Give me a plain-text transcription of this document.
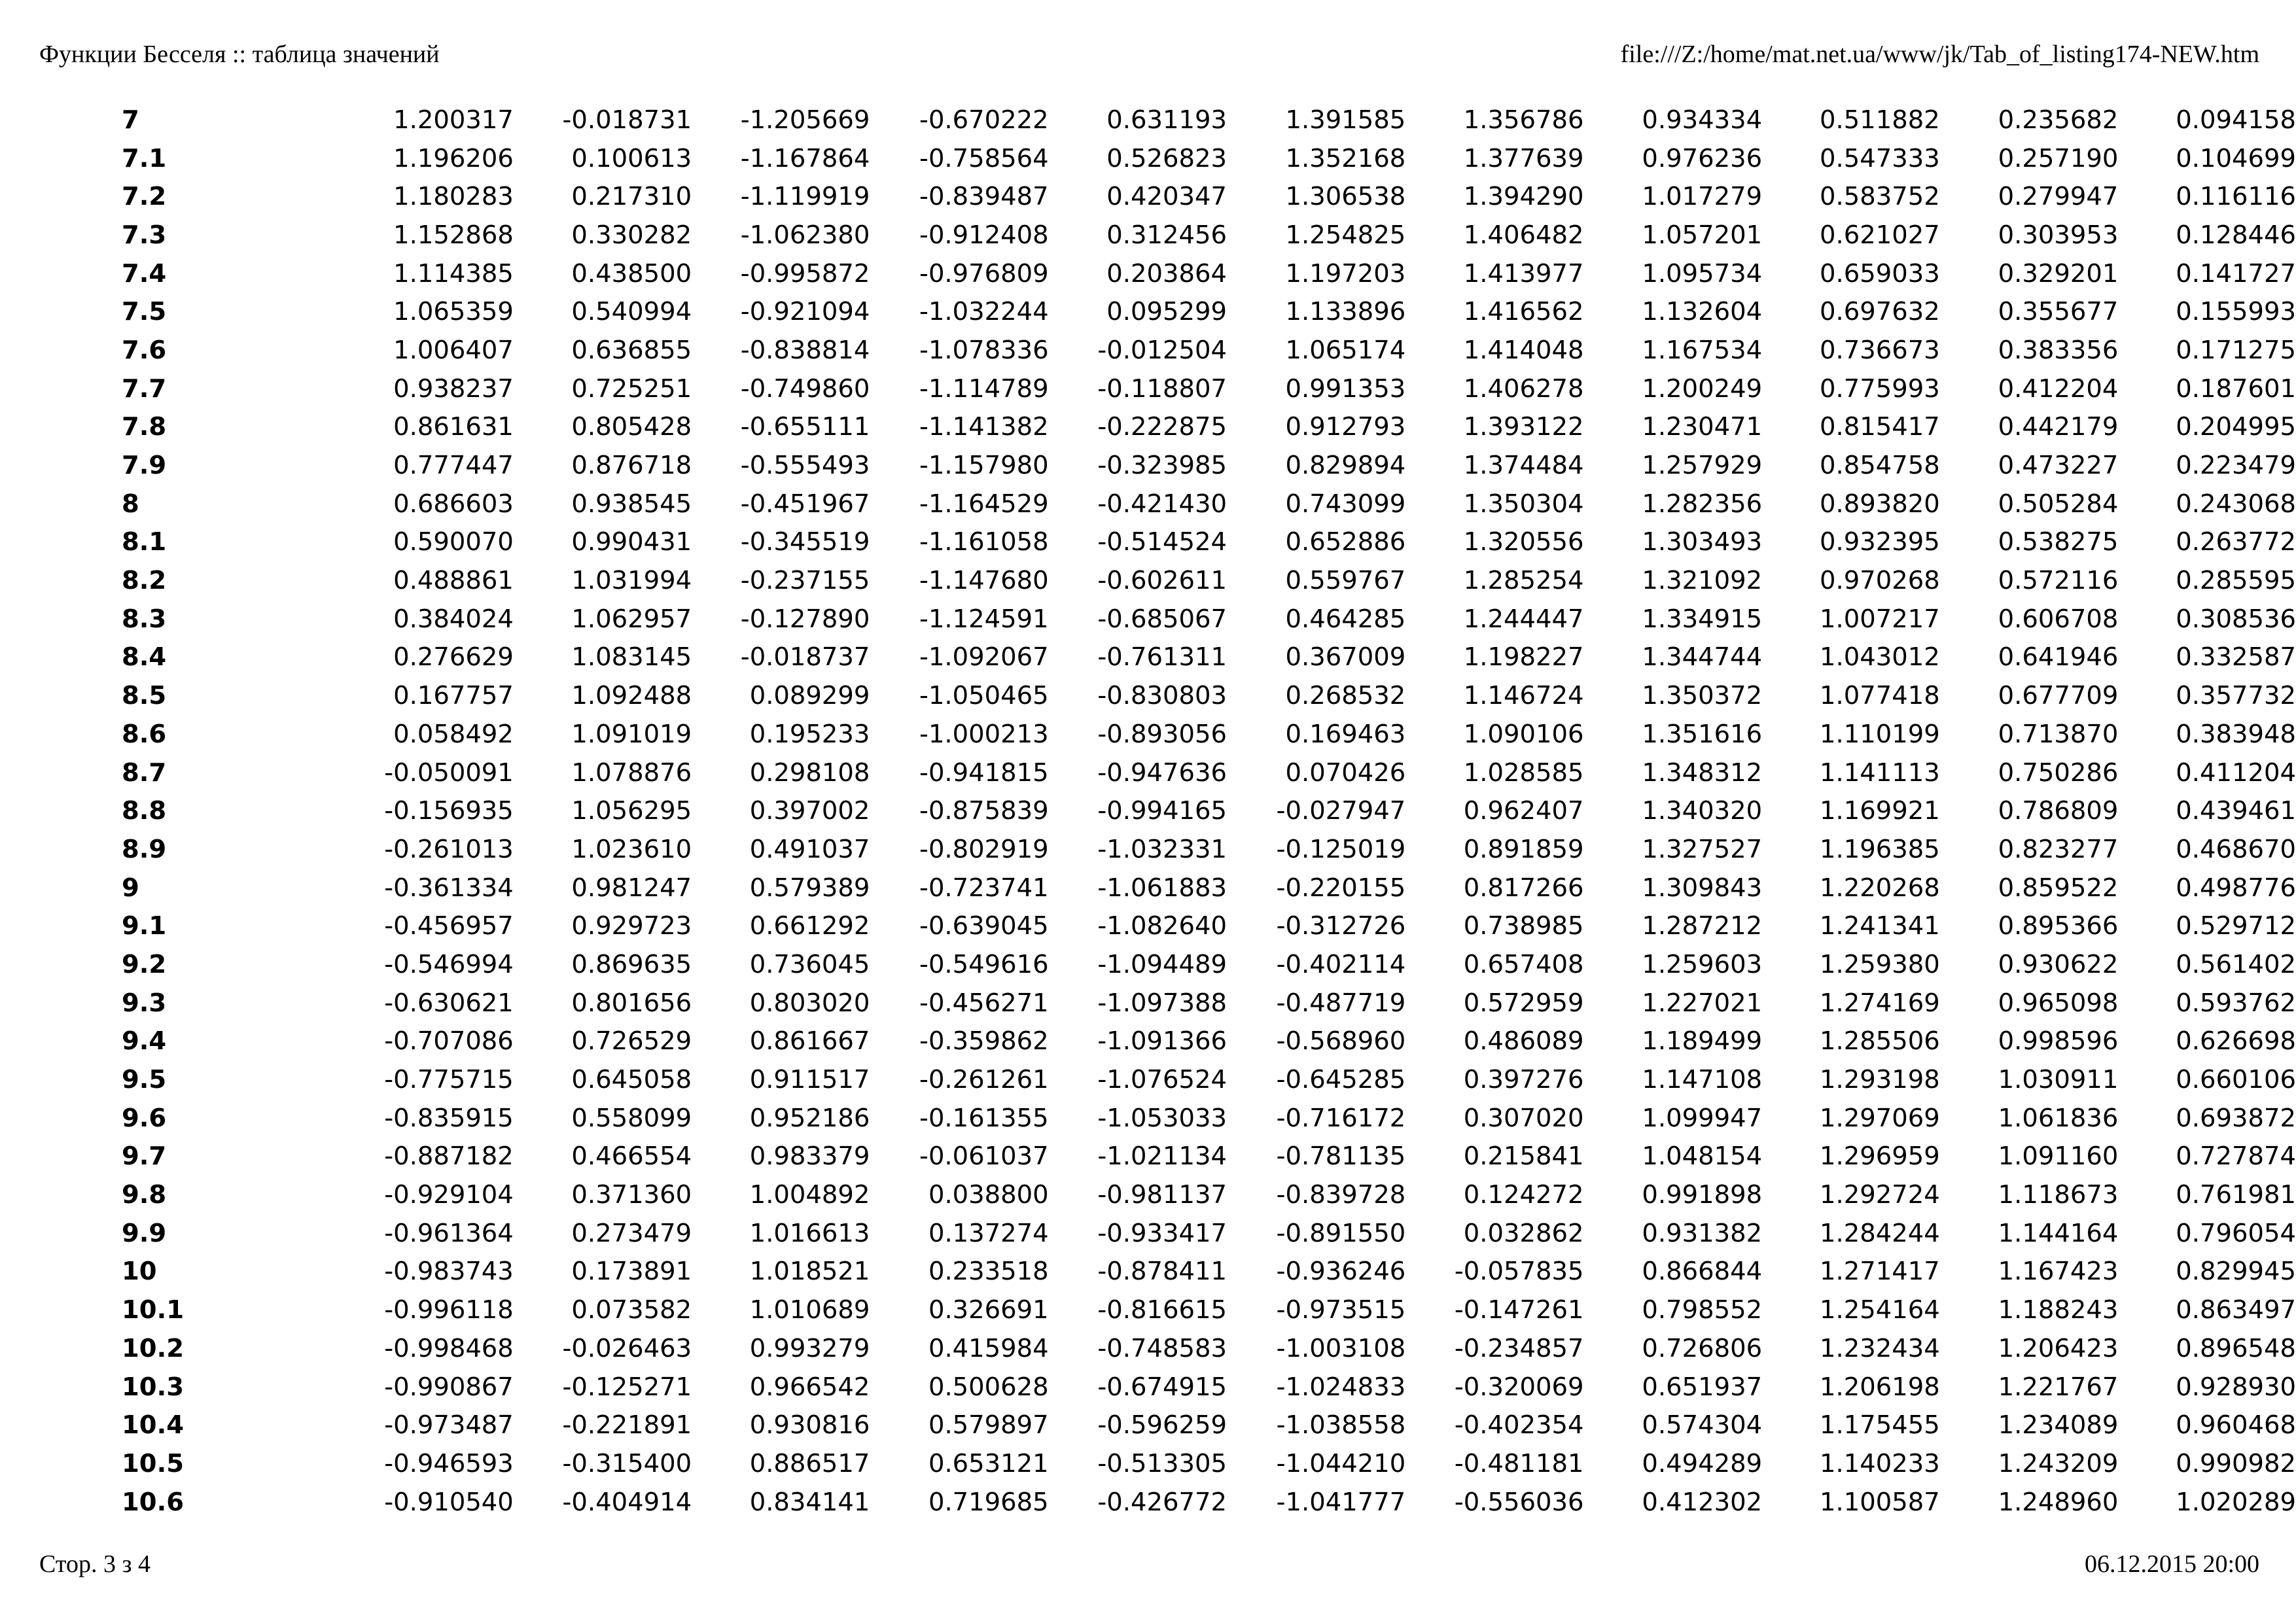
Функции Бесселя :: таблица значений	file:///Z:/home/mat.net.ua/www/jk/Tab_of_listing174-NEW.htm
7	1.200317	-0.018731	-1.205669	-0.670222	0.631193	1.391585	1.356786	0.934334	0.511882	0.235682	0.094158
7.1	1.196206	0.100613	-1.167864	-0.758564	0.526823	1.352168	1.377639	0.976236	0.547333	0.257190	0.104699
7.2	1.180283	0.217310	-1.119919	-0.839487	0.420347	1.306538	1.394290	1.017279	0.583752	0.279947	0.116116
7.3	1.152868	0.330282	-1.062380	-0.912408	0.312456	1.254825	1.406482	1.057201	0.621027	0.303953	0.128446
7.4	1.114385	0.438500	-0.995872	-0.976809	0.203864	1.197203	1.413977	1.095734	0.659033	0.329201	0.141727
7.5	1.065359	0.540994	-0.921094	-1.032244	0.095299	1.133896	1.416562	1.132604	0.697632	0.355677	0.155993
7.6	1.006407	0.636855	-0.838814	-1.078336	-0.012504	1.065174	1.414048	1.167534	0.736673	0.383356	0.171275
7.7	0.938237	0.725251	-0.749860	-1.114789	-0.118807	0.991353	1.406278	1.200249	0.775993	0.412204	0.187601
7.8	0.861631	0.805428	-0.655111	-1.141382	-0.222875	0.912793	1.393122	1.230471	0.815417	0.442179	0.204995
7.9	0.777447	0.876718	-0.555493	-1.157980	-0.323985	0.829894	1.374484	1.257929	0.854758	0.473227	0.223479
8	0.686603	0.938545	-0.451967	-1.164529	-0.421430	0.743099	1.350304	1.282356	0.893820	0.505284	0.243068
8.1	0.590070	0.990431	-0.345519	-1.161058	-0.514524	0.652886	1.320556	1.303493	0.932395	0.538275	0.263772
8.2	0.488861	1.031994	-0.237155	-1.147680	-0.602611	0.559767	1.285254	1.321092	0.970268	0.572116	0.285595
8.3	0.384024	1.062957	-0.127890	-1.124591	-0.685067	0.464285	1.244447	1.334915	1.007217	0.606708	0.308536
8.4	0.276629	1.083145	-0.018737	-1.092067	-0.761311	0.367009	1.198227	1.344744	1.043012	0.641946	0.332587
8.5	0.167757	1.092488	0.089299	-1.050465	-0.830803	0.268532	1.146724	1.350372	1.077418	0.677709	0.357732
8.6	0.058492	1.091019	0.195233	-1.000213	-0.893056	0.169463	1.090106	1.351616	1.110199	0.713870	0.383948
8.7	-0.050091	1.078876	0.298108	-0.941815	-0.947636	0.070426	1.028585	1.348312	1.141113	0.750286	0.411204
8.8	-0.156935	1.056295	0.397002	-0.875839	-0.994165	-0.027947	0.962407	1.340320	1.169921	0.786809	0.439461
8.9	-0.261013	1.023610	0.491037	-0.802919	-1.032331	-0.125019	0.891859	1.327527	1.196385	0.823277	0.468670
9	-0.361334	0.981247	0.579389	-0.723741	-1.061883	-0.220155	0.817266	1.309843	1.220268	0.859522	0.498776
9.1	-0.456957	0.929723	0.661292	-0.639045	-1.082640	-0.312726	0.738985	1.287212	1.241341	0.895366	0.529712
9.2	-0.546994	0.869635	0.736045	-0.549616	-1.094489	-0.402114	0.657408	1.259603	1.259380	0.930622	0.561402
9.3	-0.630621	0.801656	0.803020	-0.456271	-1.097388	-0.487719	0.572959	1.227021	1.274169	0.965098	0.593762
9.4	-0.707086	0.726529	0.861667	-0.359862	-1.091366	-0.568960	0.486089	1.189499	1.285506	0.998596	0.626698
9.5	-0.775715	0.645058	0.911517	-0.261261	-1.076524	-0.645285	0.397276	1.147108	1.293198	1.030911	0.660106
9.6	-0.835915	0.558099	0.952186	-0.161355	-1.053033	-0.716172	0.307020	1.099947	1.297069	1.061836	0.693872
9.7	-0.887182	0.466554	0.983379	-0.061037	-1.021134	-0.781135	0.215841	1.048154	1.296959	1.091160	0.727874
9.8	-0.929104	0.371360	1.004892	0.038800	-0.981137	-0.839728	0.124272	0.991898	1.292724	1.118673	0.761981
9.9	-0.961364	0.273479	1.016613	0.137274	-0.933417	-0.891550	0.032862	0.931382	1.284244	1.144164	0.796054
10	-0.983743	0.173891	1.018521	0.233518	-0.878411	-0.936246	-0.057835	0.866844	1.271417	1.167423	0.829945
10.1	-0.996118	0.073582	1.010689	0.326691	-0.816615	-0.973515	-0.147261	0.798552	1.254164	1.188243	0.863497
10.2	-0.998468	-0.026463	0.993279	0.415984	-0.748583	-1.003108	-0.234857	0.726806	1.232434	1.206423	0.896548
10.3	-0.990867	-0.125271	0.966542	0.500628	-0.674915	-1.024833	-0.320069	0.651937	1.206198	1.221767	0.928930
10.4	-0.973487	-0.221891	0.930816	0.579897	-0.596259	-1.038558	-0.402354	0.574304	1.175455	1.234089	0.960468
10.5	-0.946593	-0.315400	0.886517	0.653121	-0.513305	-1.044210	-0.481181	0.494289	1.140233	1.243209	0.990982
10.6	-0.910540	-0.404914	0.834141	0.719685	-0.426772	-1.041777	-0.556036	0.412302	1.100587	1.248960	1.020289
Стор. 3 з 4	06.12.2015 20:00
